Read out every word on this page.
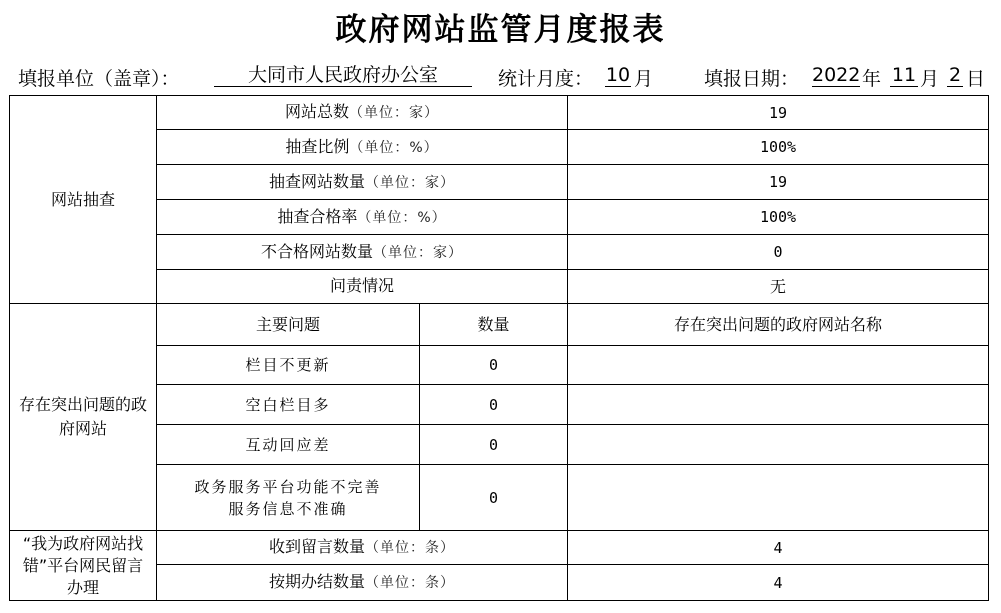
政府网站监管月度报表
填报单位（盖章）：	大同市人民政府办公室	统计月度： 10 月	填报日期： 2022 年 11 月 2 日
网站抽查	网站总数（单位：家）		19
	抽查比例（单位：%）		100%
	抽查网站数量（单位：家）		19
	抽查合格率（单位：%）		100%
	不合格网站数量（单位：家）		0
	问责情况		无

存在突出问题的政府网站	主要问题	数量	存在突出问题的政府网站名称
	栏目不更新	0	
	空白栏目多	0	
	互动回应差	0	
	政务服务平台功能不完善
服务信息不准确	0	

“我为政府网站找错”平台网民留言办理	收到留言数量（单位：条）		4
	按期办结数量（单位：条）		4
